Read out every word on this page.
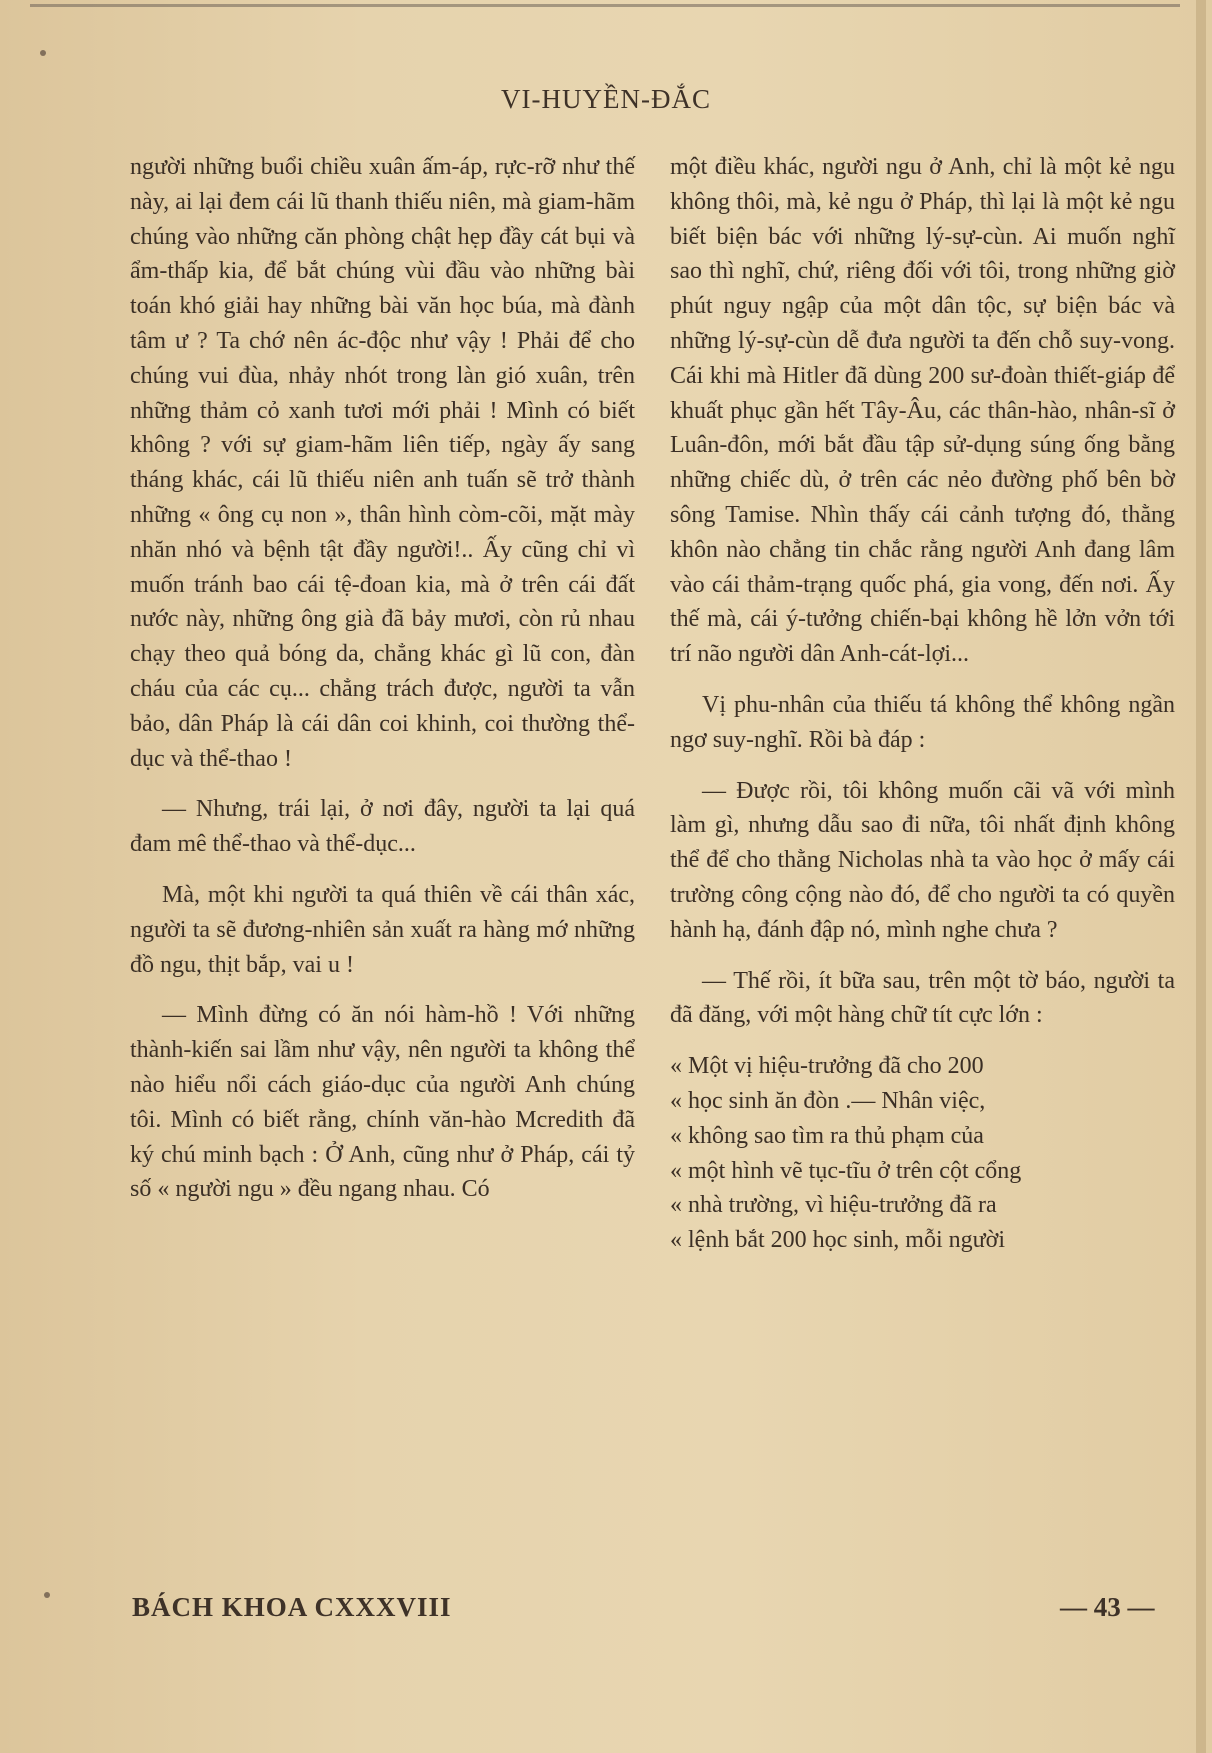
VI-HUYỀN-ĐẮC

người những buổi chiều xuân ấm-áp, rực-rỡ như thế này, ai lại đem cái lũ thanh thiếu niên, mà giam-hãm chúng vào những căn phòng chật hẹp đầy cát bụi và ẩm-thấp kia, để bắt chúng vùi đầu vào những bài toán khó giải hay những bài văn học búa, mà đành tâm ư ? Ta chớ nên ác-độc như vậy ! Phải để cho chúng vui đùa, nhảy nhót trong làn gió xuân, trên những thảm cỏ xanh tươi mới phải ! Mình có biết không ? với sự giam-hãm liên tiếp, ngày ấy sang tháng khác, cái lũ thiếu niên anh tuấn sẽ trở thành những « ông cụ non », thân hình còm-cõi, mặt mày nhăn nhó và bệnh tật đầy người!.. Ấy cũng chỉ vì muốn tránh bao cái tệ-đoan kia, mà ở trên cái đất nước này, những ông già đã bảy mươi, còn rủ nhau chạy theo quả bóng da, chẳng khác gì lũ con, đàn cháu của các cụ... chẳng trách được, người ta vẫn bảo, dân Pháp là cái dân coi khinh, coi thường thể-dục và thể-thao !

— Nhưng, trái lại, ở nơi đây, người ta lại quá đam mê thể-thao và thể-dục...

Mà, một khi người ta quá thiên về cái thân xác, người ta sẽ đương-nhiên sản xuất ra hàng mớ những đồ ngu, thịt bắp, vai u !

— Mình đừng có ăn nói hàm-hồ ! Với những thành-kiến sai lầm như vậy, nên người ta không thể nào hiểu nổi cách giáo-dục của người Anh chúng tôi. Mình có biết rằng, chính văn-hào Mcredith đã ký chú minh bạch : Ở Anh, cũng như ở Pháp, cái tỷ số « người ngu » đều ngang nhau. Có

một điều khác, người ngu ở Anh, chỉ là một kẻ ngu không thôi, mà, kẻ ngu ở Pháp, thì lại là một kẻ ngu biết biện bác với những lý-sự-cùn. Ai muốn nghĩ sao thì nghĩ, chứ, riêng đối với tôi, trong những giờ phút nguy ngập của một dân tộc, sự biện bác và những lý-sự-cùn dễ đưa người ta đến chỗ suy-vong. Cái khi mà Hitler đã dùng 200 sư-đoàn thiết-giáp để khuất phục gần hết Tây-Âu, các thân-hào, nhân-sĩ ở Luân-đôn, mới bắt đầu tập sử-dụng súng ống bằng những chiếc dù, ở trên các nẻo đường phố bên bờ sông Tamise. Nhìn thấy cái cảnh tượng đó, thằng khôn nào chẳng tin chắc rằng người Anh đang lâm vào cái thảm-trạng quốc phá, gia vong, đến nơi. Ấy thế mà, cái ý-tưởng chiến-bại không hề lởn vởn tới trí não người dân Anh-cát-lợi...

Vị phu-nhân của thiếu tá không thể không ngần ngơ suy-nghĩ. Rồi bà đáp :

— Được rồi, tôi không muốn cãi vã với mình làm gì, nhưng dẫu sao đi nữa, tôi nhất định không thể để cho thằng Nicholas nhà ta vào học ở mấy cái trường công cộng nào đó, để cho người ta có quyền hành hạ, đánh đập nó, mình nghe chưa ?

— Thế rồi, ít bữa sau, trên một tờ báo, người ta đã đăng, với một hàng chữ tít cực lớn :

« Một vị hiệu-trưởng đã cho 200

« học sinh ăn đòn .— Nhân việc,

« không sao tìm ra thủ phạm của

« một hình vẽ tục-tĩu ở trên cột cổng

« nhà trường, vì hiệu-trưởng đã ra

« lệnh bắt 200 học sinh, mỗi người

BÁCH KHOA CXXXVIII	— 43 —
